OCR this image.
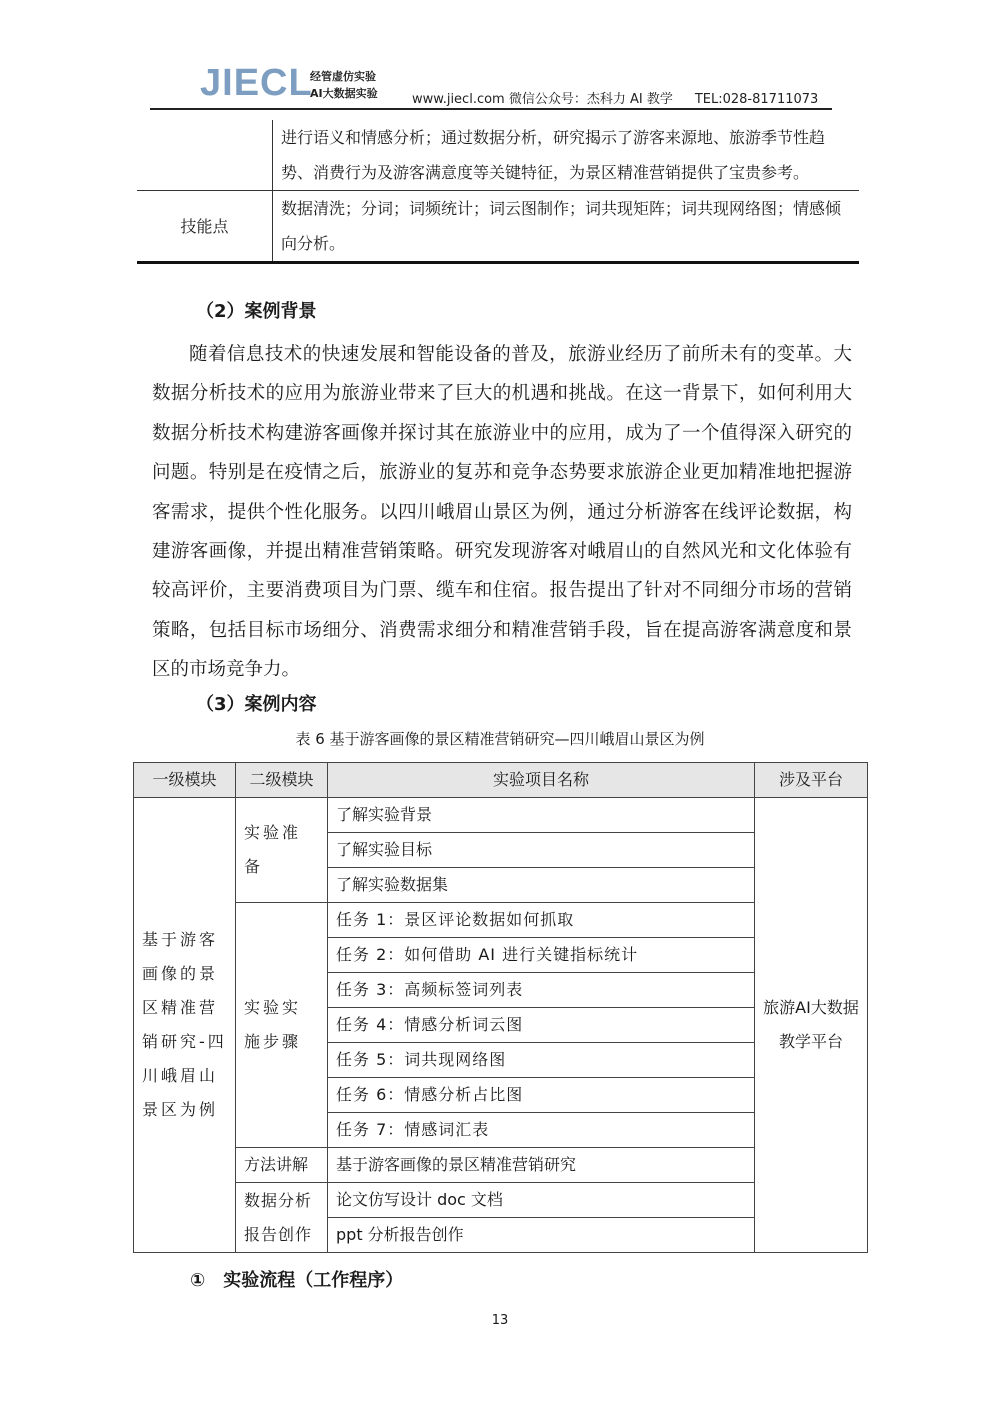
JIECL
经管虚仿实验
AI大数据实验	www.jiecl.com 微信公众号：杰科力 AI 教学 TEL:028-81711073
	进行语义和情感分析；通过数据分析，研究揭示了游客来源地、旅游季节性趋势、消费行为及游客满意度等关键特征，为景区精准营销提供了宝贵参考。
技能点	数据清洗；分词；词频统计；词云图制作；词共现矩阵；词共现网络图；情感倾向分析。
（2）案例背景
随着信息技术的快速发展和智能设备的普及，旅游业经历了前所未有的变革。大数据分析技术的应用为旅游业带来了巨大的机遇和挑战。在这一背景下，如何利用大数据分析技术构建游客画像并探讨其在旅游业中的应用，成为了一个值得深入研究的问题。特别是在疫情之后，旅游业的复苏和竞争态势要求旅游企业更加精准地把握游客需求，提供个性化服务。以四川峨眉山景区为例，通过分析游客在线评论数据，构建游客画像，并提出精准营销策略。研究发现游客对峨眉山的自然风光和文化体验有较高评价，主要消费项目为门票、缆车和住宿。报告提出了针对不同细分市场的营销策略，包括目标市场细分、消费需求细分和精准营销手段，旨在提高游客满意度和景区的市场竞争力。
（3）案例内容
表 6 基于游客画像的景区精准营销研究—四川峨眉山景区为例
一级模块	二级模块	实验项目名称	涉及平台
基于游客画像的景区精准营销研究-四川峨眉山景区为例	实验准备	了解实验背景	旅游AI大数据教学平台
		了解实验目标	
		了解实验数据集	
	实验实施步骤	任务 1：景区评论数据如何抓取	
		任务 2：如何借助 AI 进行关键指标统计	
		任务 3：高频标签词列表	
		任务 4：情感分析词云图	
		任务 5：词共现网络图	
		任务 6：情感分析占比图	
		任务 7：情感词汇表	
	方法讲解	基于游客画像的景区精准营销研究	
	数据分析报告创作	论文仿写设计 doc 文档	
		ppt 分析报告创作	
①　实验流程（工作程序）
13
